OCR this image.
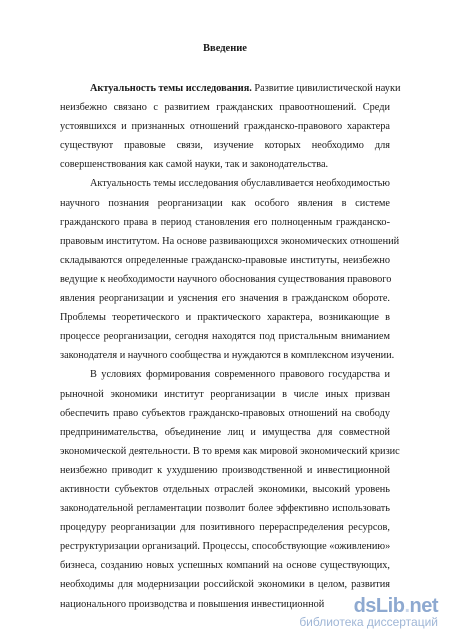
Введение
Актуальность темы исследования. Развитие цивилистической науки
неизбежно связано с развитием гражданских правоотношений. Среди
устоявшихся и признанных отношений гражданско-правового характера
существуют правовые связи, изучение которых необходимо для
совершенствования как самой науки, так и законодательства.
Актуальность темы исследования обуславливается необходимостью
научного познания реорганизации как особого явления в системе
гражданского права в период становления его полноценным гражданско-
правовым институтом. На основе развивающихся экономических отношений
складываются определенные гражданско-правовые институты, неизбежно
ведущие к необходимости научного обоснования существования правового
явления реорганизации и уяснения его значения в гражданском обороте.
Проблемы теоретического и практического характера, возникающие в
процессе реорганизации, сегодня находятся под пристальным вниманием
законодателя и научного сообщества и нуждаются в комплексном изучении.
В условиях формирования современного правового государства и
рыночной экономики институт реорганизации в числе иных призван
обеспечить право субъектов гражданско-правовых отношений на свободу
предпринимательства, объединение лиц и имущества для совместной
экономической деятельности. В то время как мировой экономический кризис
неизбежно приводит к ухудшению производственной и инвестиционной
активности субъектов отдельных отраслей экономики, высокий уровень
законодательной регламентации позволит более эффективно использовать
процедуру реорганизации для позитивного перераспределения ресурсов,
реструктуризации организаций. Процессы, способствующие «оживлению»
бизнеса, созданию новых успешных компаний на основе существующих,
необходимы для модернизации российской экономики в целом, развития
национального производства и повышения инвестиционной	dsLib.net
библиотека диссертаций
